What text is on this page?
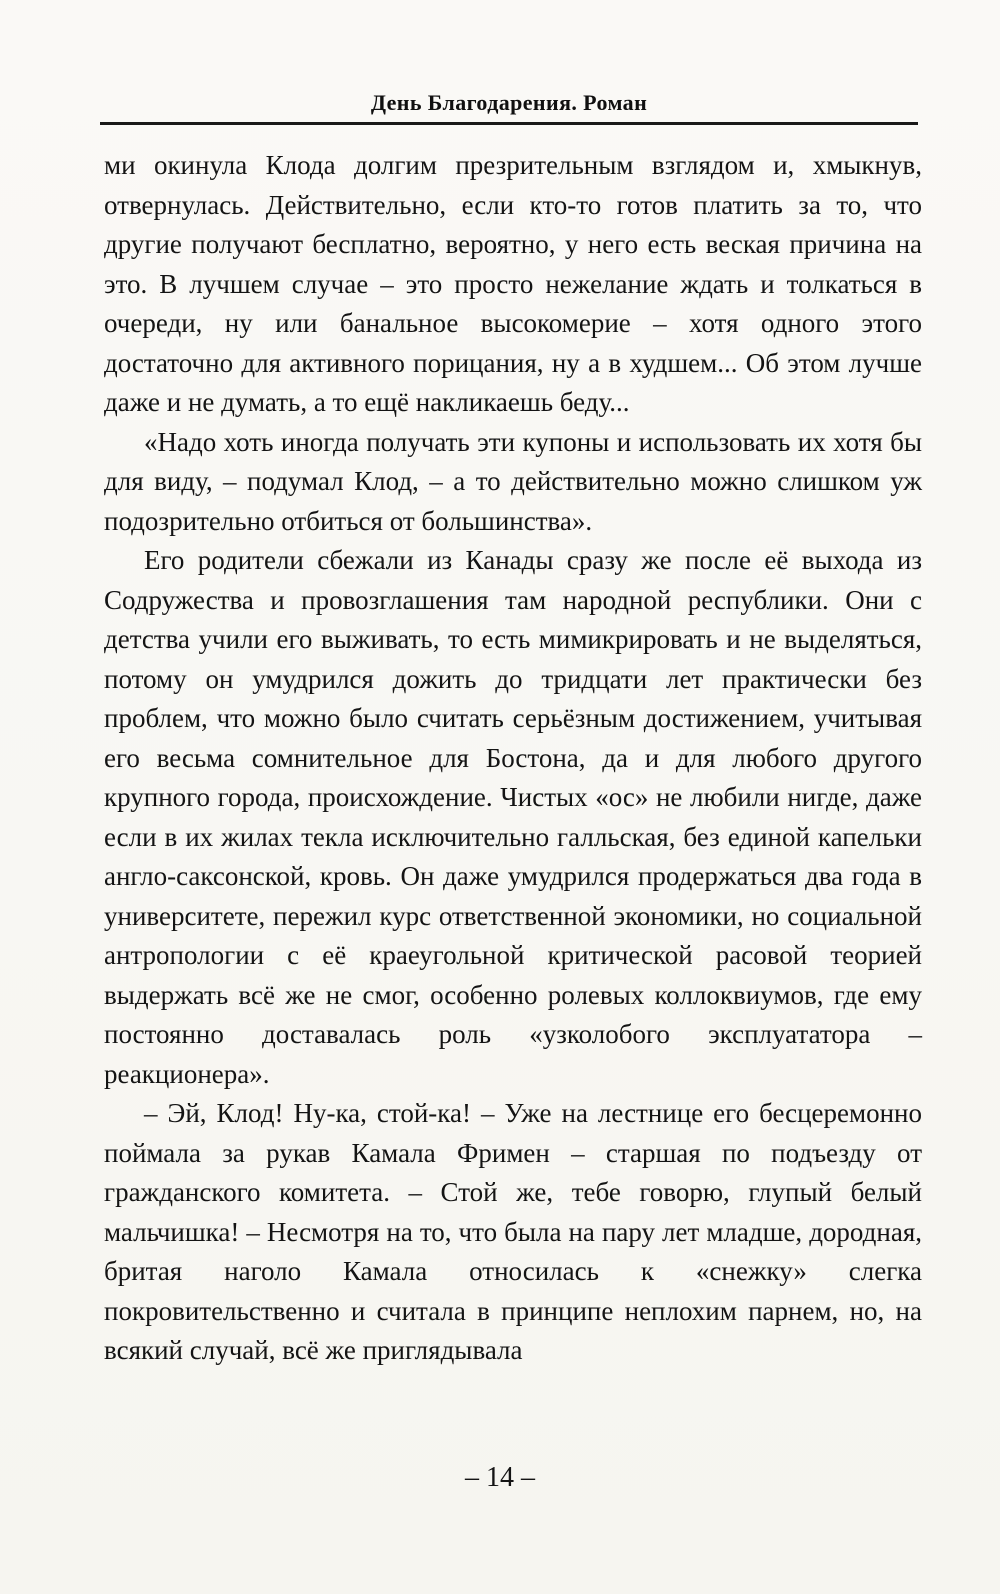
День Благодарения. Роман

ми окинула Клода долгим презрительным взглядом и, хмыкнув, отвернулась. Действительно, если кто-то готов платить за то, что другие получают бесплатно, вероятно, у него есть веская причина на это. В лучшем случае – это просто нежелание ждать и толкаться в очереди, ну или банальное высокомерие – хотя одного этого достаточно для активного порицания, ну а в худшем... Об этом лучше даже и не думать, а то ещё накликаешь беду...

«Надо хоть иногда получать эти купоны и использовать их хотя бы для виду, – подумал Клод, – а то действительно можно слишком уж подозрительно отбиться от большинства».

Его родители сбежали из Канады сразу же после её выхода из Содружества и провозглашения там народной республики. Они с детства учили его выживать, то есть мимикрировать и не выделяться, потому он умудрился дожить до тридцати лет практически без проблем, что можно было считать серьёзным достижением, учитывая его весьма сомнительное для Бостона, да и для любого другого крупного города, происхождение. Чистых «ос» не любили нигде, даже если в их жилах текла исключительно галльская, без единой капельки англо-саксонской, кровь. Он даже умудрился продержаться два года в университете, пережил курс ответственной экономики, но социальной антропологии с её краеугольной критической расовой теорией выдержать всё же не смог, особенно ролевых коллоквиумов, где ему постоянно доставалась роль «узколобого эксплуататора – реакционера».

– Эй, Клод! Ну-ка, стой-ка! – Уже на лестнице его бесцеремонно поймала за рукав Камала Фримен – старшая по подъезду от гражданского комитета. – Стой же, тебе говорю, глупый белый мальчишка! – Несмотря на то, что была на пару лет младше, дородная, бритая наголо Камала относилась к «снежку» слегка покровительственно и считала в принципе неплохим парнем, но, на всякий случай, всё же приглядывала

– 14 –
